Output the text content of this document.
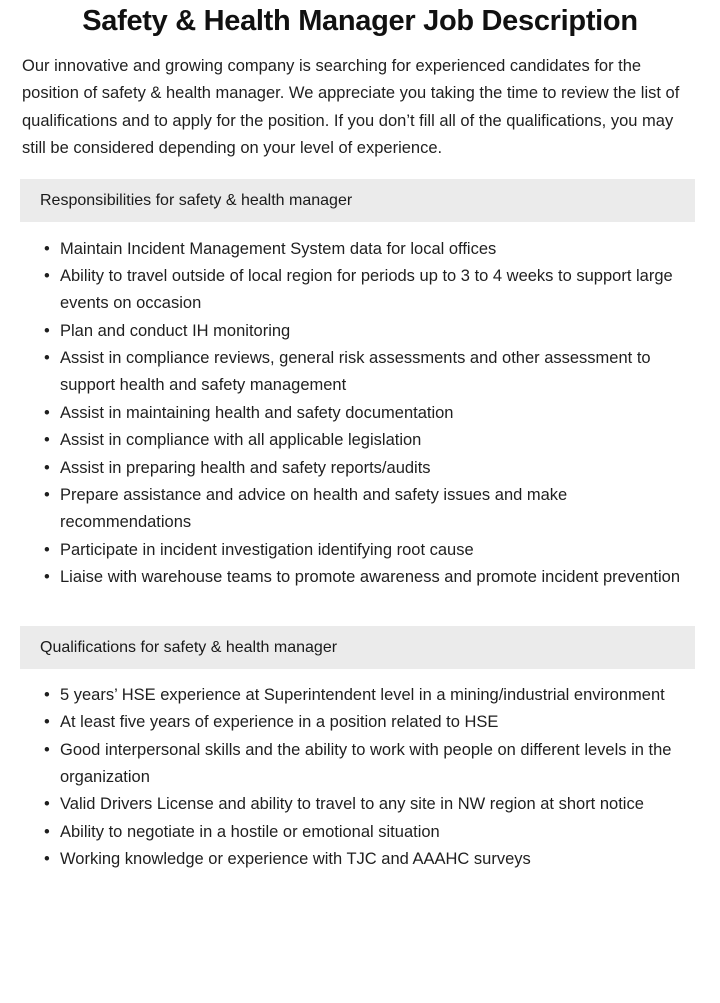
Safety & Health Manager Job Description

Our innovative and growing company is searching for experienced candidates for the position of safety & health manager. We appreciate you taking the time to review the list of qualifications and to apply for the position. If you don’t fill all of the qualifications, you may still be considered depending on your level of experience.

Responsibilities for safety & health manager
• Maintain Incident Management System data for local offices
• Ability to travel outside of local region for periods up to 3 to 4 weeks to support large events on occasion
• Plan and conduct IH monitoring
• Assist in compliance reviews, general risk assessments and other assessment to support health and safety management
• Assist in maintaining health and safety documentation
• Assist in compliance with all applicable legislation
• Assist in preparing health and safety reports/audits
• Prepare assistance and advice on health and safety issues and make recommendations
• Participate in incident investigation identifying root cause
• Liaise with warehouse teams to promote awareness and promote incident prevention
Qualifications for safety & health manager
• 5 years’ HSE experience at Superintendent level in a mining/industrial environment
• At least five years of experience in a position related to HSE
• Good interpersonal skills and the ability to work with people on different levels in the organization
• Valid Drivers License and ability to travel to any site in NW region at short notice
• Ability to negotiate in a hostile or emotional situation
• Working knowledge or experience with TJC and AAAHC surveys
